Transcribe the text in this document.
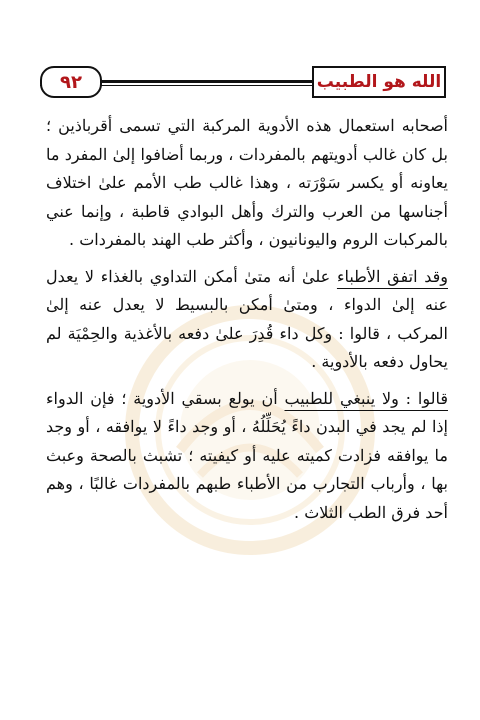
الله هو الطبيب
٩٢

أصحابه استعمال هذه الأدوية المركبة التي تسمى أقرباذين ؛ بل كان غالب أدويتهم بالمفردات ، وربما أضافوا إلىٰ المفرد ما يعاونه أو يكسر سَوْرَته ، وهذا غالب طب الأمم علىٰ اختلاف أجناسها من العرب والترك وأهل البوادي قاطبة ، وإنما عني بالمركبات الروم واليونانيون ، وأكثر طب الهند بالمفردات .

وقد اتفق الأطباء علىٰ أنه متىٰ أمكن التداوي بالغذاء لا يعدل عنه إلىٰ الدواء ، ومتىٰ أمكن بالبسيط لا يعدل عنه إلىٰ المركب ، قالوا : وكل داء قُدِرَ علىٰ دفعه بالأغذية والحِمْيَة لم يحاول دفعه بالأدوية .

قالوا : ولا ينبغي للطبيب أن يولع بسقي الأدوية ؛ فإن الدواء إذا لم يجد في البدن داءً يُحَلِّلُهُ ، أو وجد داءً لا يوافقه ، أو وجد ما يوافقه فزادت كميته عليه أو كيفيته ؛ تشبث بالصحة وعبث بها ، وأرباب التجارب من الأطباء طبهم بالمفردات غالبًا ، وهم أحد فرق الطب الثلاث .
